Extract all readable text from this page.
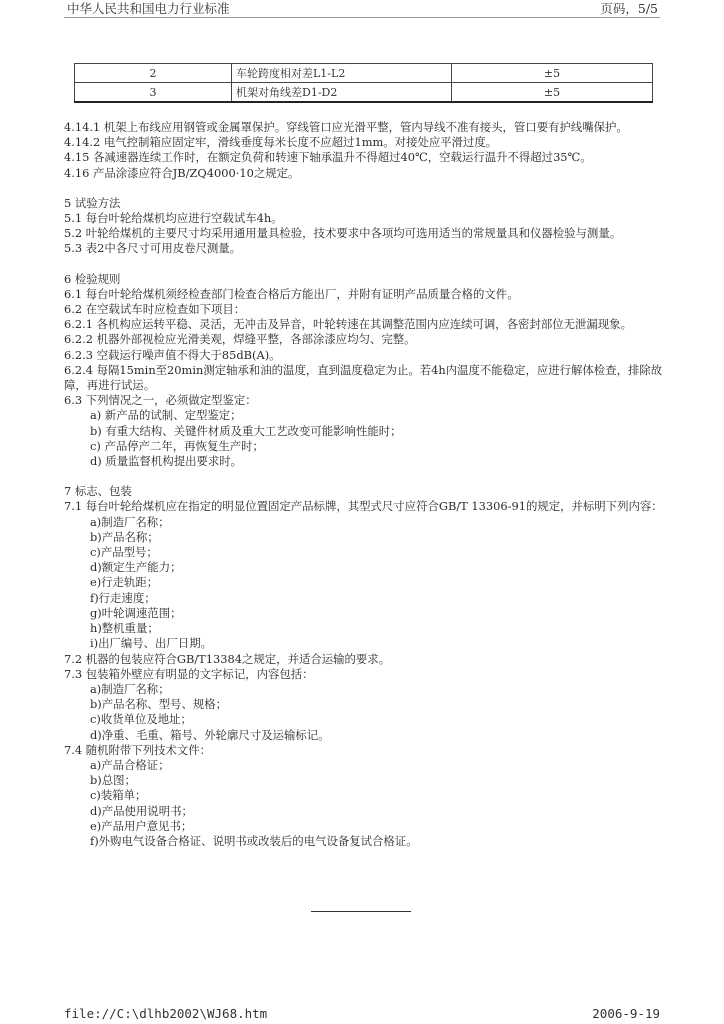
中华人民共和国电力行业标准	页码，5/5
2	车轮跨度相对差L1-L2	±5
3	机架对角线差D1-D2	±5

4.14.1 机架上布线应用钢管或金属罩保护。穿线管口应光滑平整，管内导线不准有接头，管口要有护线嘴保护。

4.14.2 电气控制箱应固定牢，滑线垂度每米长度不应超过1mm。对接处应平滑过度。

4.15 各减速器连续工作时，在额定负荷和转速下轴承温升不得超过40℃，空载运行温升不得超过35℃。

4.16 产品涂漆应符合JB/ZQ4000·10之规定。

5 试验方法

5.1 每台叶轮给煤机均应进行空载试车4h。

5.2 叶轮给煤机的主要尺寸均采用通用量具检验，技术要求中各项均可选用适当的常规量具和仪器检验与测量。

5.3 表2中各尺寸可用皮卷尺测量。

6 检验规则

6.1 每台叶轮给煤机须经检查部门检查合格后方能出厂，并附有证明产品质量合格的文件。

6.2 在空载试车时应检查如下项目：

6.2.1 各机构应运转平稳、灵活，无冲击及异音，叶轮转速在其调整范围内应连续可调，各密封部位无泄漏现象。

6.2.2 机器外部视检应光滑美观，焊缝平整，各部涂漆应均匀、完整。

6.2.3 空载运行噪声值不得大于85dB(A)。

6.2.4 每隔15min至20min测定轴承和油的温度，直到温度稳定为止。若4h内温度不能稳定，应进行解体检查，排除故障，再进行试运。

6.3 下列情况之一，必须做定型鉴定：

a) 新产品的试制、定型鉴定；

b) 有重大结构、关键件材质及重大工艺改变可能影响性能时；

c) 产品停产二年，再恢复生产时；

d) 质量监督机构提出要求时。

7 标志、包装

7.1 每台叶轮给煤机应在指定的明显位置固定产品标牌，其型式尺寸应符合GB/T 13306-91的规定，并标明下列内容：

a)制造厂名称；

b)产品名称；

c)产品型号；

d)额定生产能力；

e)行走轨距；

f)行走速度；

g)叶轮调速范围；

h)整机重量；

i)出厂编号、出厂日期。

7.2 机器的包装应符合GB/T13384之规定，并适合运输的要求。

7.3 包装箱外壁应有明显的文字标记，内容包括：

a)制造厂名称；

b)产品名称、型号、规格；

c)收货单位及地址；

d)净重、毛重、箱号、外轮廓尺寸及运输标记。

7.4 随机附带下列技术文件：

a)产品合格证；

b)总图；

c)装箱单；

d)产品使用说明书；

e)产品用户意见书；

f)外购电气设备合格证、说明书或改装后的电气设备复试合格证。

file://C:\dlhb2002\WJ68.htm	2006-9-19
